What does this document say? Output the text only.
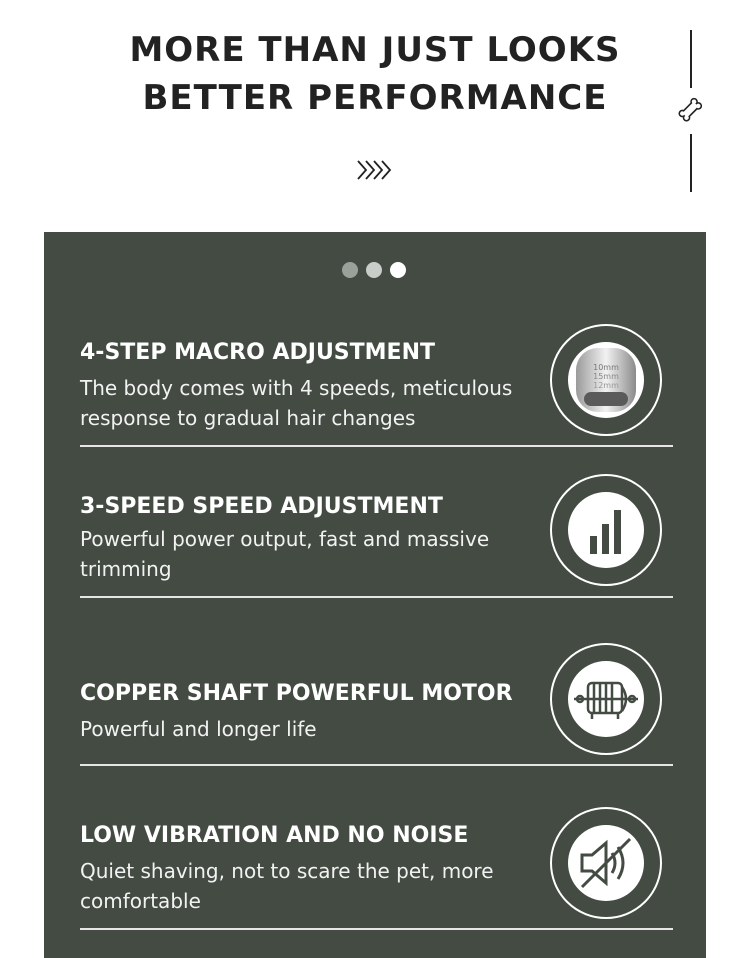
MORE THAN JUST LOOKS
BETTER PERFORMANCE
4-STEP MACRO ADJUSTMENT
The body comes with 4 speeds, meticulous response to gradual hair changes
10mm
15mm
12mm
3-SPEED SPEED ADJUSTMENT
Powerful power output, fast and massive trimming
COPPER SHAFT POWERFUL MOTOR
Powerful and longer life
LOW VIBRATION AND NO NOISE
Quiet shaving, not to scare the pet, more comfortable
